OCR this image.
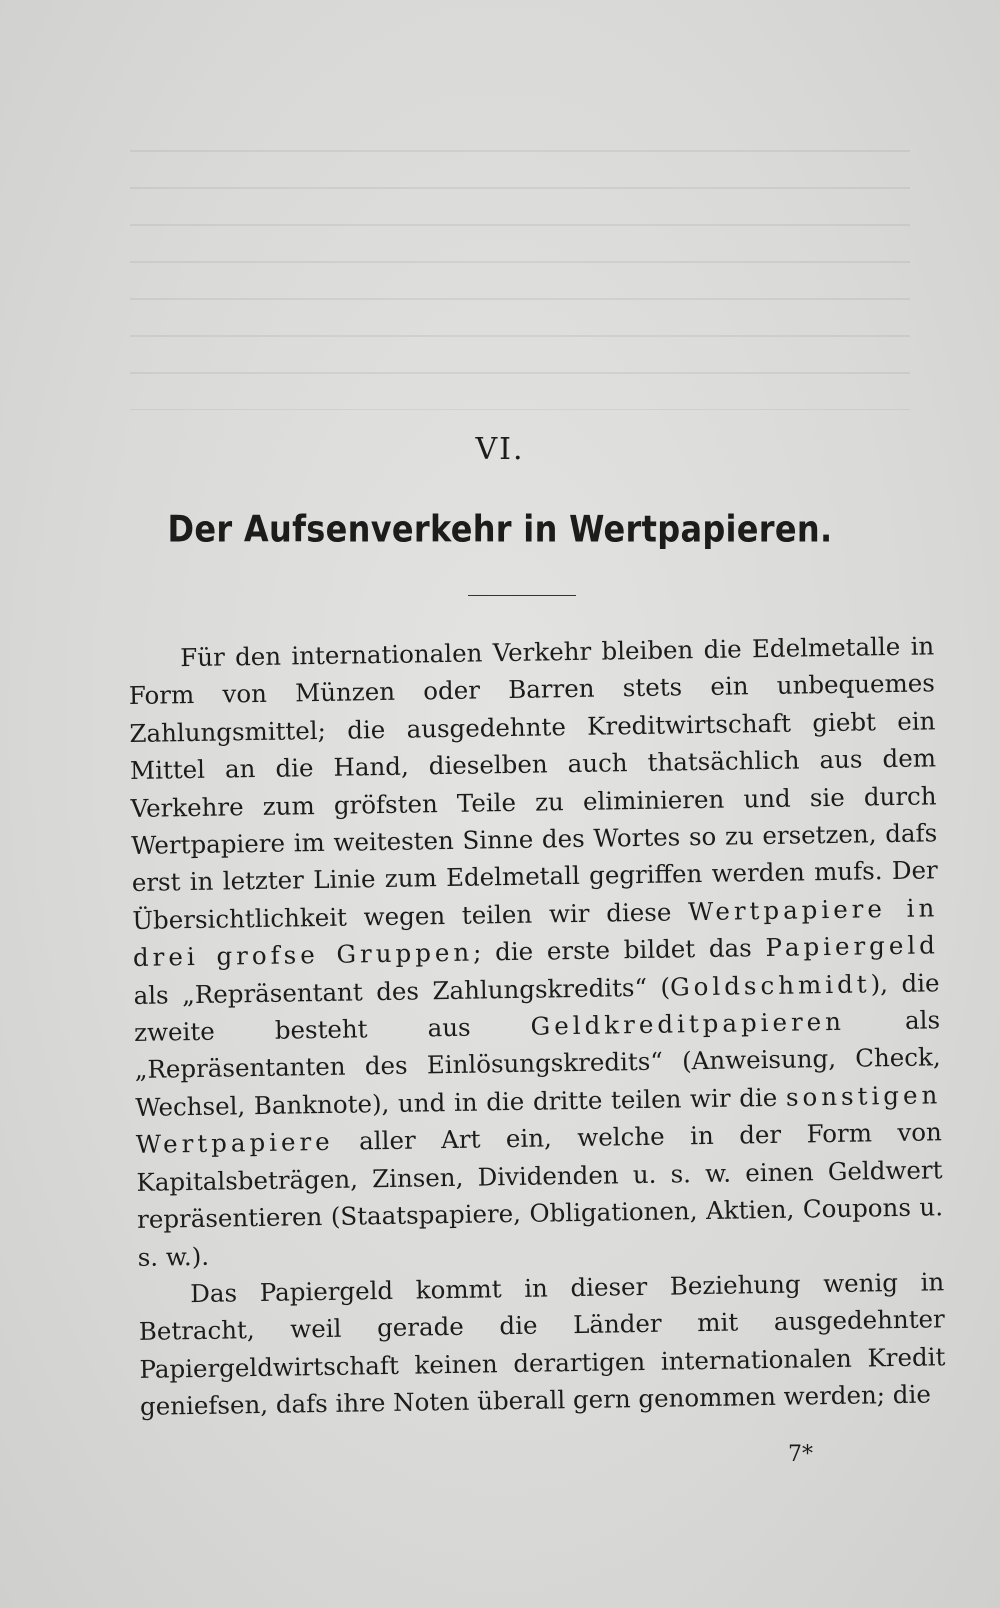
VI.
Der Aufsenverkehr in Wertpapieren.

Für den internationalen Verkehr bleiben die Edelmetalle in Form von Münzen oder Barren stets ein unbequemes Zahlungsmittel; die ausgedehnte Kreditwirtschaft giebt ein Mittel an die Hand, dieselben auch thatsächlich aus dem Verkehre zum gröfsten Teile zu eliminieren und sie durch Wertpapiere im weitesten Sinne des Wortes so zu ersetzen, dafs erst in letzter Linie zum Edelmetall gegriffen werden mufs. Der Übersichtlichkeit wegen teilen wir diese Wertpapiere in drei grofse Gruppen; die erste bildet das Papiergeld als „Repräsentant des Zahlungskredits“ (Goldschmidt), die zweite besteht aus Geldkreditpapieren als „Repräsentanten des Einlösungskredits“ (Anweisung, Check, Wechsel, Banknote), und in die dritte teilen wir die sonstigen Wertpapiere aller Art ein, welche in der Form von Kapitalsbeträgen, Zinsen, Dividenden u. s. w. einen Geldwert repräsentieren (Staatspapiere, Obligationen, Aktien, Coupons u. s. w.).

Das Papiergeld kommt in dieser Beziehung wenig in Betracht, weil gerade die Länder mit ausgedehnter Papiergeldwirtschaft keinen derartigen internationalen Kredit geniefsen, dafs ihre Noten überall gern genommen werden; die

7*
